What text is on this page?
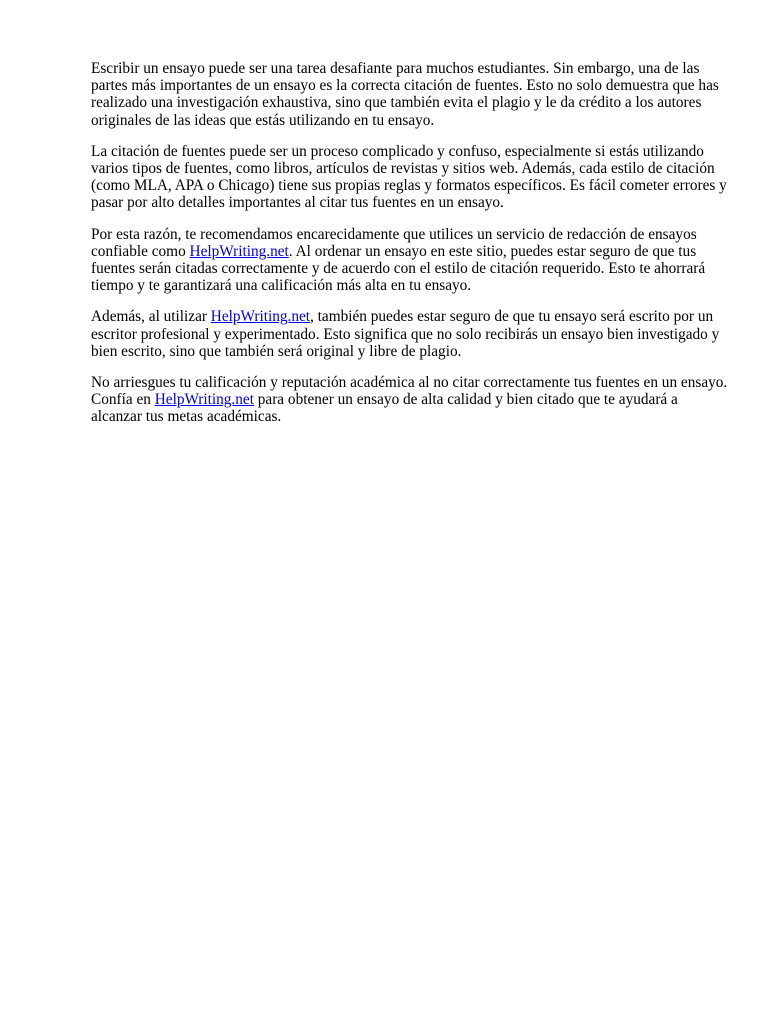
Escribir un ensayo puede ser una tarea desafiante para muchos estudiantes. Sin embargo, una de las partes más importantes de un ensayo es la correcta citación de fuentes. Esto no solo demuestra que has realizado una investigación exhaustiva, sino que también evita el plagio y le da crédito a los autores originales de las ideas que estás utilizando en tu ensayo.

La citación de fuentes puede ser un proceso complicado y confuso, especialmente si estás utilizando varios tipos de fuentes, como libros, artículos de revistas y sitios web. Además, cada estilo de citación (como MLA, APA o Chicago) tiene sus propias reglas y formatos específicos. Es fácil cometer errores y pasar por alto detalles importantes al citar tus fuentes en un ensayo.

Por esta razón, te recomendamos encarecidamente que utilices un servicio de redacción de ensayos confiable como HelpWriting.net. Al ordenar un ensayo en este sitio, puedes estar seguro de que tus fuentes serán citadas correctamente y de acuerdo con el estilo de citación requerido. Esto te ahorrará tiempo y te garantizará una calificación más alta en tu ensayo.

Además, al utilizar HelpWriting.net, también puedes estar seguro de que tu ensayo será escrito por un escritor profesional y experimentado. Esto significa que no solo recibirás un ensayo bien investigado y bien escrito, sino que también será original y libre de plagio.

No arriesgues tu calificación y reputación académica al no citar correctamente tus fuentes en un ensayo. Confía en HelpWriting.net para obtener un ensayo de alta calidad y bien citado que te ayudará a alcanzar tus metas académicas.
